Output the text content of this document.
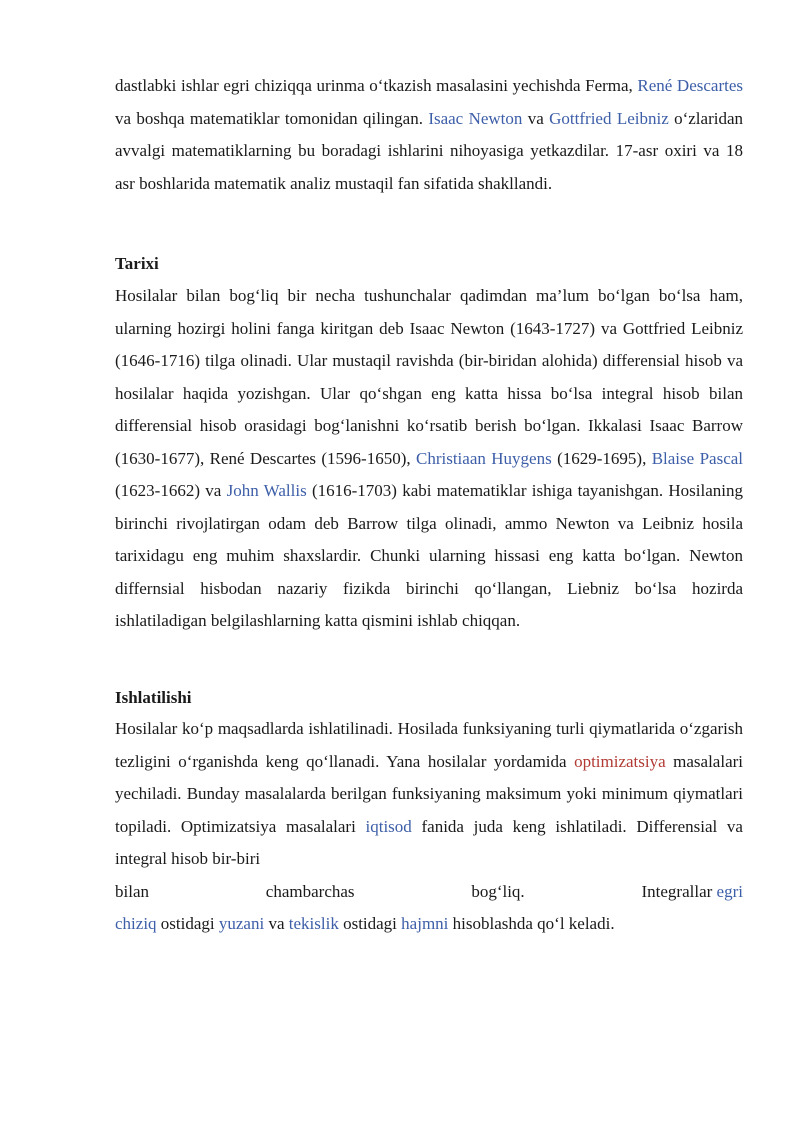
dastlabki ishlar egri chiziqqa urinma o‘tkazish masalasini yechishda Ferma, René Descartes va boshqa matematiklar tomonidan qilingan. Isaac Newton va Gottfried Leibniz o‘zlaridan avvalgi matematiklarning bu boradagi ishlarini nihoyasiga yetkazdilar. 17-asr oxiri va 18 asr boshlarida matematik analiz mustaqil fan sifatida shakllandi.

Tarixi

Hosilalar bilan bog‘liq bir necha tushunchalar qadimdan ma’lum bo‘lgan bo‘lsa ham, ularning hozirgi holini fanga kiritgan deb Isaac Newton (1643-1727) va Gottfried Leibniz (1646-1716) tilga olinadi. Ular mustaqil ravishda (bir-biridan alohida) differensial hisob va hosilalar haqida yozishgan. Ular qo‘shgan eng katta hissa bo‘lsa integral hisob bilan differensial hisob orasidagi bog‘lanishni ko‘rsatib berish bo‘lgan. Ikkalasi Isaac Barrow (1630-1677), René Descartes (1596-1650), Christiaan Huygens (1629-1695), Blaise Pascal (1623-1662) va John Wallis (1616-1703) kabi matematiklar ishiga tayanishgan. Hosilaning birinchi rivojlatirgan odam deb Barrow tilga olinadi, ammo Newton va Leibniz hosila tarixidagu eng muhim shaxslardir. Chunki ularning hissasi eng katta bo‘lgan. Newton differnsial hisbodan nazariy fizikda birinchi qo‘llangan, Liebniz bo‘lsa hozirda ishlatiladigan belgilashlarning katta qismini ishlab chiqqan.

Ishlatilishi
Hosilalar ko‘p maqsadlarda ishlatilinadi. Hosilada funksiyaning turli qiymatlarida o‘zgarish tezligini o‘rganishda keng qo‘llanadi. Yana hosilalar yordamida optimizatsiya masalalari yechiladi. Bunday masalalarda berilgan funksiyaning maksimum yoki minimum qiymatlari topiladi. Optimizatsiya masalalari iqtisod fanida juda keng ishlatiladi. Differensial va integral hisob bir-biri
bilan	chambarchas	bog‘liq.	Integrallar egri
chiziq ostidagi yuzani va tekislik ostidagi hajmni hisoblashda qo‘l keladi.
